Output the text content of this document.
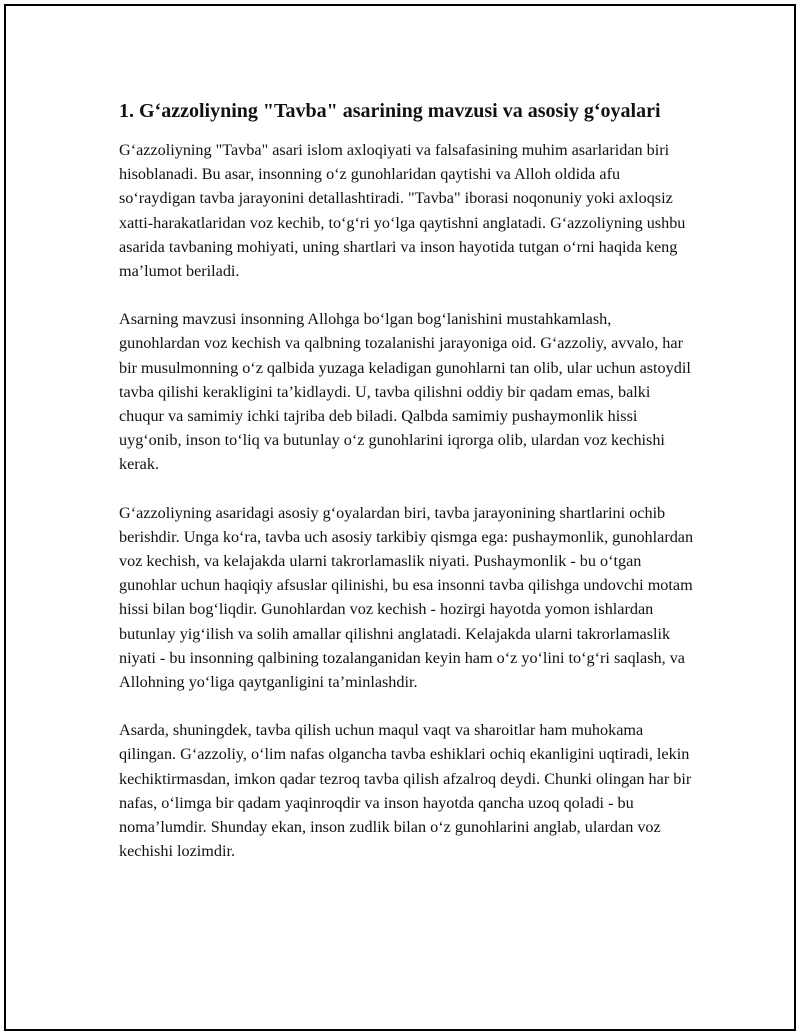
1. G‘azzoliyning "Tavba" asarining mavzusi va asosiy g‘oyalari

G‘azzoliyning "Tavba" asari islom axloqiyati va falsafasining muhim asarlaridan biri hisoblanadi. Bu asar, insonning o‘z gunohlaridan qaytishi va Alloh oldida afu so‘raydigan tavba jarayonini detallashtiradi. "Tavba" iborasi noqonuniy yoki axloqsiz xatti-harakatlaridan voz kechib, to‘g‘ri yo‘lga qaytishni anglatadi. G‘azzoliyning ushbu asarida tavbaning mohiyati, uning shartlari va inson hayotida tutgan o‘rni haqida keng ma’lumot beriladi.

Asarning mavzusi insonning Allohga bo‘lgan bog‘lanishini mustahkamlash, gunohlardan voz kechish va qalbning tozalanishi jarayoniga oid. G‘azzoliy, avvalo, har bir musulmonning o‘z qalbida yuzaga keladigan gunohlarni tan olib, ular uchun astoydil tavba qilishi kerakligini ta’kidlaydi. U, tavba qilishni oddiy bir qadam emas, balki chuqur va samimiy ichki tajriba deb biladi. Qalbda samimiy pushaymonlik hissi uyg‘onib, inson to‘liq va butunlay o‘z gunohlarini iqrorga olib, ulardan voz kechishi kerak.

G‘azzoliyning asaridagi asosiy g‘oyalardan biri, tavba jarayonining shartlarini ochib berishdir. Unga ko‘ra, tavba uch asosiy tarkibiy qismga ega: pushaymonlik, gunohlardan voz kechish, va kelajakda ularni takrorlamaslik niyati. Pushaymonlik - bu o‘tgan gunohlar uchun haqiqiy afsuslar qilinishi, bu esa insonni tavba qilishga undovchi motam hissi bilan bog‘liqdir. Gunohlardan voz kechish - hozirgi hayotda yomon ishlardan butunlay yig‘ilish va solih amallar qilishni anglatadi. Kelajakda ularni takrorlamaslik niyati - bu insonning qalbining tozalanganidan keyin ham o‘z yo‘lini to‘g‘ri saqlash, va Allohning yo‘liga qaytganligini ta’minlashdir.

Asarda, shuningdek, tavba qilish uchun maqul vaqt va sharoitlar ham muhokama qilingan. G‘azzoliy, o‘lim nafas olgancha tavba eshiklari ochiq ekanligini uqtiradi, lekin kechiktirmasdan, imkon qadar tezroq tavba qilish afzalroq deydi. Chunki olingan har bir nafas, o‘limga bir qadam yaqinroqdir va inson hayotda qancha uzoq qoladi - bu noma’lumdir. Shunday ekan, inson zudlik bilan o‘z gunohlarini anglab, ulardan voz kechishi lozimdir.
